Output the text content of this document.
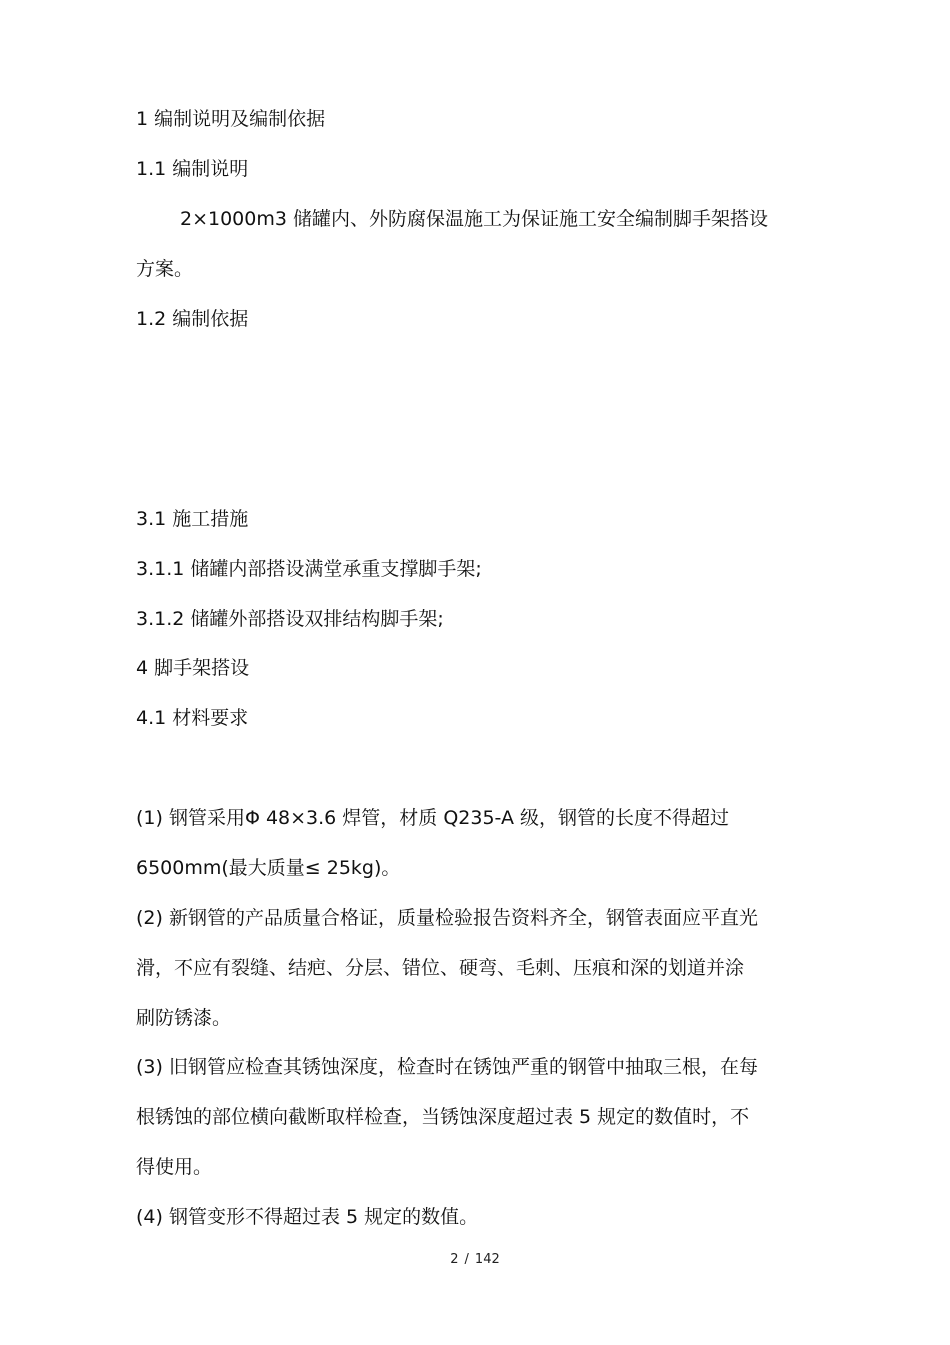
1 编制说明及编制依据
1.1 编制说明
2×1000m3 储罐内、外防腐保温施工为保证施工安全编制脚手架搭设
方案。
1.2 编制依据
3.1 施工措施
3.1.1 储罐内部搭设满堂承重支撑脚手架;
3.1.2 储罐外部搭设双排结构脚手架;
4 脚手架搭设
4.1 材料要求
(1) 钢管采用Φ 48×3.6 焊管，材质 Q235-A 级，钢管的长度不得超过
6500mm(最大质量≤ 25kg)。
(2) 新钢管的产品质量合格证，质量检验报告资料齐全，钢管表面应平直光
滑，不应有裂缝、结疤、分层、错位、硬弯、毛刺、压痕和深的划道并涂
刷防锈漆。
(3) 旧钢管应检查其锈蚀深度，检查时在锈蚀严重的钢管中抽取三根，在每
根锈蚀的部位横向截断取样检查，当锈蚀深度超过表 5 规定的数值时，不
得使用。
(4) 钢管变形不得超过表 5 规定的数值。
2 / 142
